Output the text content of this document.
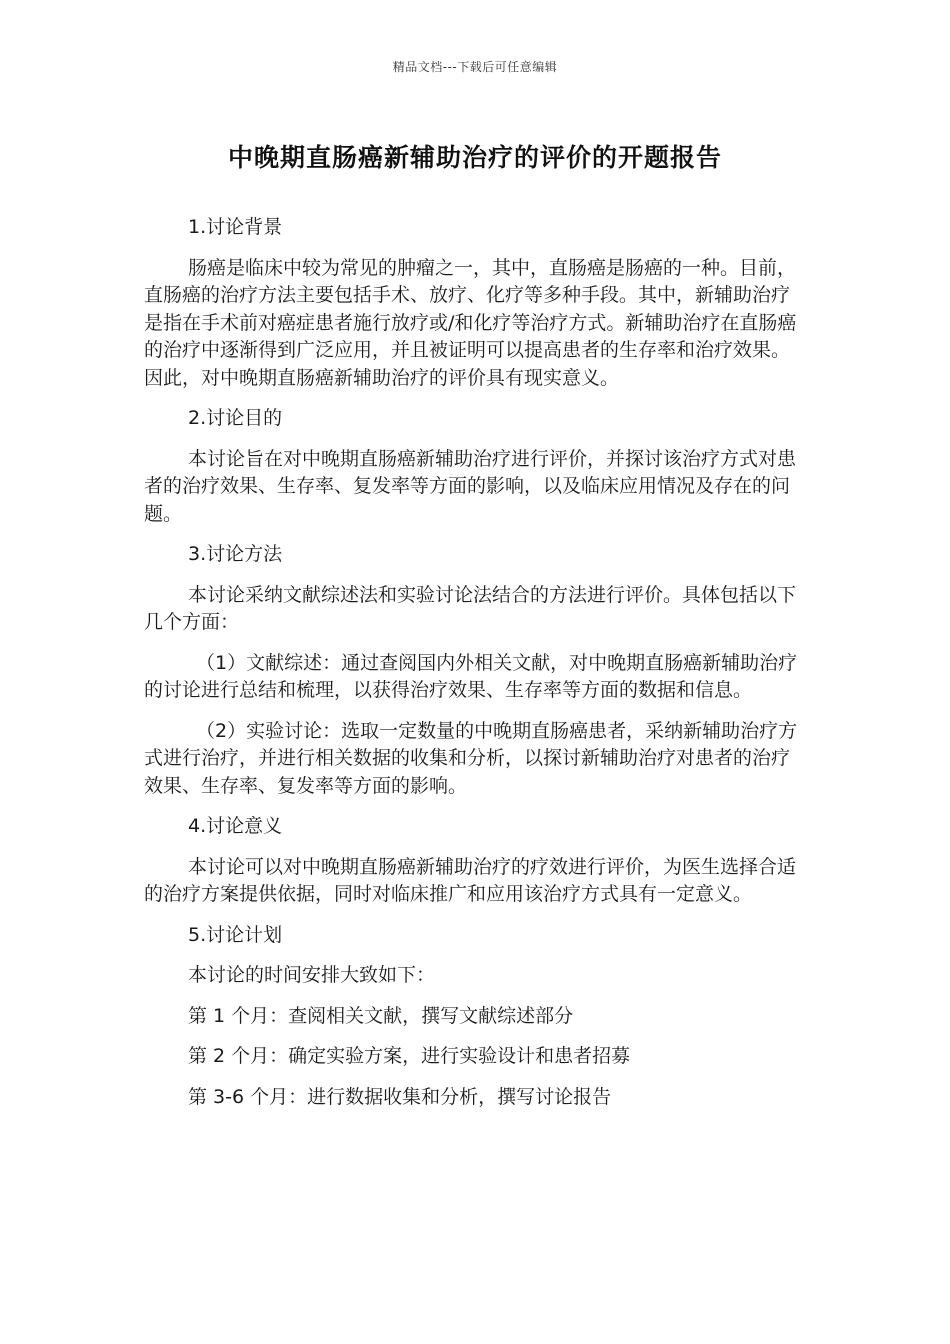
精品文档---下载后可任意编辑
中晚期直肠癌新辅助治疗的评价的开题报告

1.讨论背景

肠癌是临床中较为常见的肿瘤之一，其中，直肠癌是肠癌的一种。目前，直肠癌的治疗方法主要包括手术、放疗、化疗等多种手段。其中，新辅助治疗是指在手术前对癌症患者施行放疗或/和化疗等治疗方式。新辅助治疗在直肠癌的治疗中逐渐得到广泛应用，并且被证明可以提高患者的生存率和治疗效果。因此，对中晚期直肠癌新辅助治疗的评价具有现实意义。

2.讨论目的

本讨论旨在对中晚期直肠癌新辅助治疗进行评价，并探讨该治疗方式对患者的治疗效果、生存率、复发率等方面的影响，以及临床应用情况及存在的问题。

3.讨论方法

本讨论采纳文献综述法和实验讨论法结合的方法进行评价。具体包括以下几个方面：

（1）文献综述：通过查阅国内外相关文献，对中晚期直肠癌新辅助治疗的讨论进行总结和梳理，以获得治疗效果、生存率等方面的数据和信息。

（2）实验讨论：选取一定数量的中晚期直肠癌患者，采纳新辅助治疗方式进行治疗，并进行相关数据的收集和分析，以探讨新辅助治疗对患者的治疗效果、生存率、复发率等方面的影响。

4.讨论意义

本讨论可以对中晚期直肠癌新辅助治疗的疗效进行评价，为医生选择合适的治疗方案提供依据，同时对临床推广和应用该治疗方式具有一定意义。

5.讨论计划

本讨论的时间安排大致如下：

第 1 个月：查阅相关文献，撰写文献综述部分

第 2 个月：确定实验方案，进行实验设计和患者招募

第 3-6 个月：进行数据收集和分析，撰写讨论报告
